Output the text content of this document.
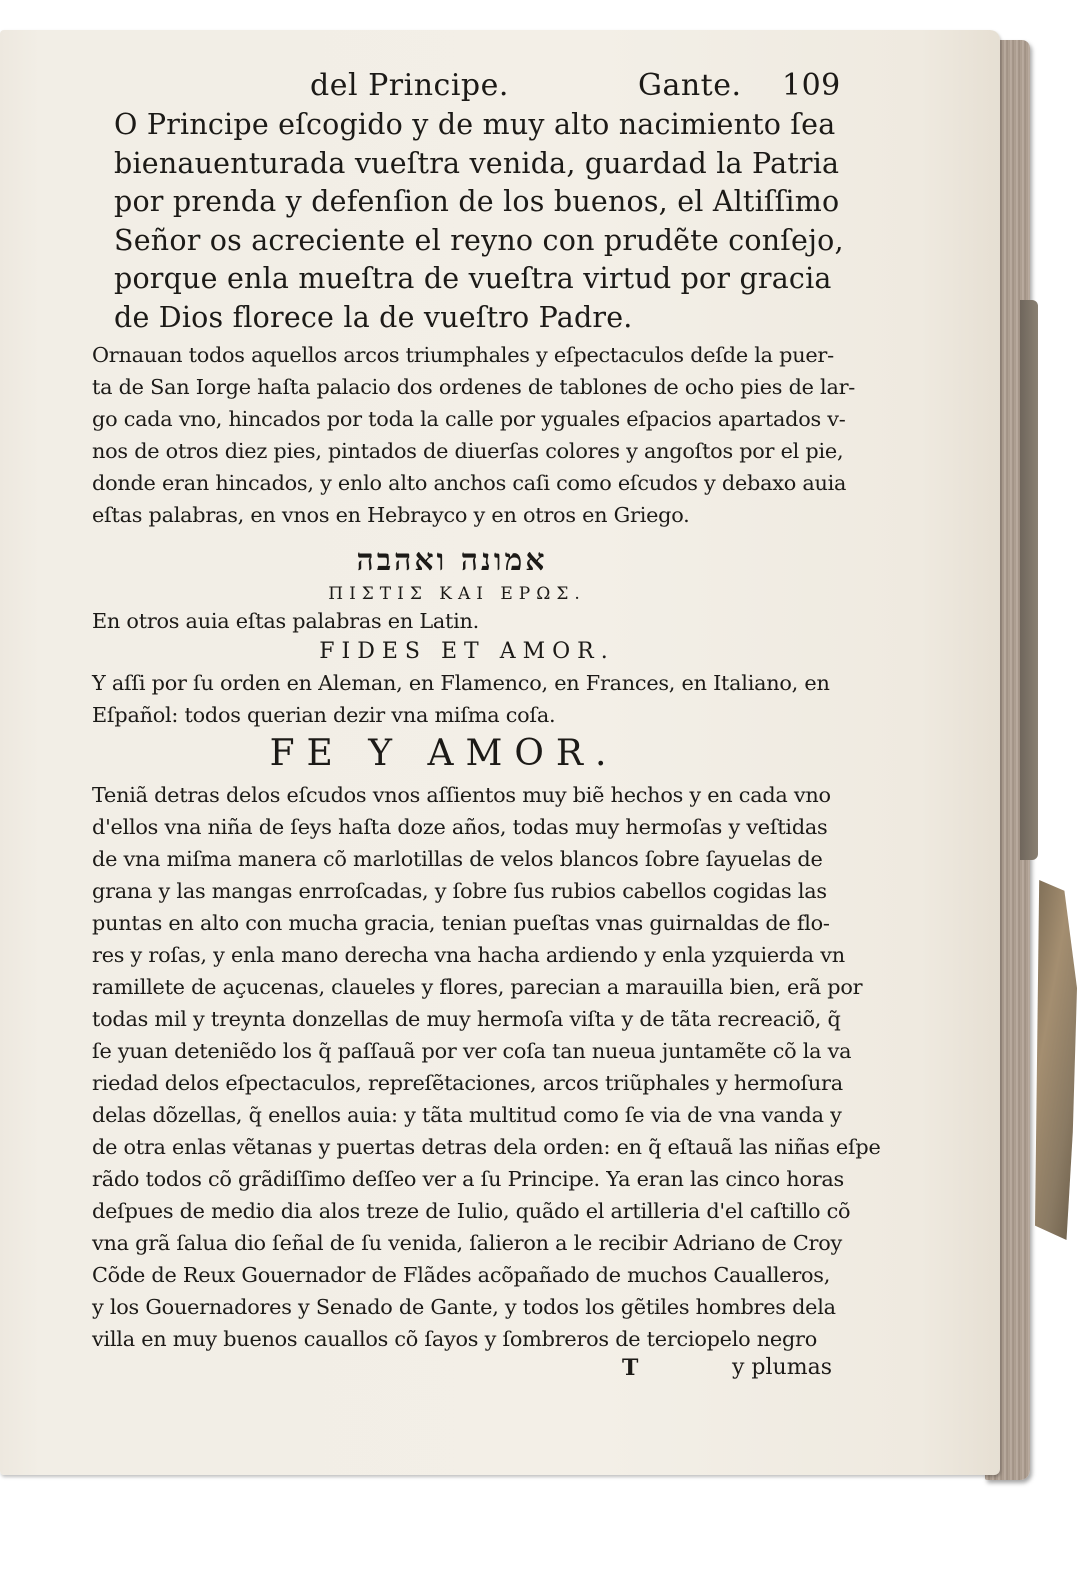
del Principe.	Gante. 109
O Principe eſcogido y de muy alto nacimiento ſea
bienauenturada vueſtra venida, guardad la Patria
por prenda y defenſion de los buenos, el Altiſſimo
Señor os acreciente el reyno con prudẽte conſejo,
porque enla mueſtra de vueſtra virtud por gracia
de Dios florece la de vueſtro Padre.
Ornauan todos aquellos arcos triumphales y eſpectaculos deſde la puer-
ta de San Iorge haſta palacio dos ordenes de tablones de ocho pies de lar-
go cada vno, hincados por toda la calle por yguales eſpacios apartados v-
nos de otros diez pies, pintados de diuerſas colores y angoſtos por el pie,
donde eran hincados, y enlo alto anchos caſi como eſcudos y debaxo auia
eſtas palabras, en vnos en Hebrayco y en otros en Griego.
אמונה ואהבה
ΠΙΣΤΙΣ ΚΑΙ ΕΡΩΣ.
En otros auia eſtas palabras en Latin.
FIDES ET AMOR.
Y aſſi por ſu orden en Aleman, en Flamenco, en Frances, en Italiano, en
Eſpañol: todos querian dezir vna miſma coſa.
FE Y AMOR.
Teniã detras delos eſcudos vnos aſſientos muy biẽ hechos y en cada vno
d'ellos vna niña de ſeys haſta doze años, todas muy hermoſas y veſtidas
de vna miſma manera cõ marlotillas de velos blancos ſobre ſayuelas de
grana y las mangas enrroſcadas, y ſobre ſus rubios cabellos cogidas las
puntas en alto con mucha gracia, tenian pueſtas vnas guirnaldas de flo-
res y roſas, y enla mano derecha vna hacha ardiendo y enla yzquierda vn
ramillete de açucenas, claueles y flores, parecian a marauilla bien, erã por
todas mil y treynta donzellas de muy hermoſa viſta y de tãta recreaciõ, q̃
ſe yuan deteniẽdo los q̃ paſſauã por ver coſa tan nueua juntamẽte cõ la va
riedad delos eſpectaculos, repreſẽtaciones, arcos triũphales y hermoſura
delas dõzellas, q̃ enellos auia: y tãta multitud como ſe via de vna vanda y
de otra enlas vẽtanas y puertas detras dela orden: en q̃ eſtauã las niñas eſpe
rãdo todos cõ grãdiſſimo deſſeo ver a ſu Principe. Ya eran las cinco horas
deſpues de medio dia alos treze de Iulio, quãdo el artilleria d'el caſtillo cõ
vna grã ſalua dio ſeñal de ſu venida, ſalieron a le recibir Adriano de Croy
Cõde de Reux Gouernador de Flãdes acõpañado de muchos Caualleros,
y los Gouernadores y Senado de Gante, y todos los gẽtiles hombres dela
villa en muy buenos cauallos cõ ſayos y ſombreros de terciopelo negro
T	y plumas
